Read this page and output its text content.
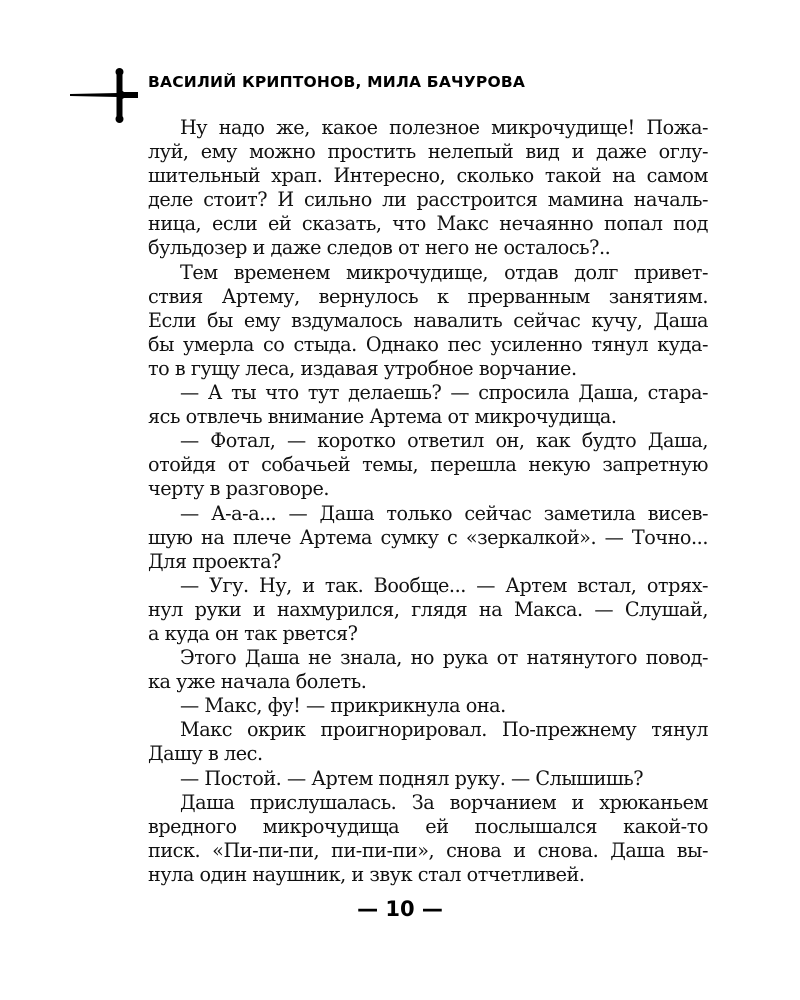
ВАСИЛИЙ КРИПТОНОВ, МИЛА БАЧУРОВА
Ну надо же, какое полезное микрочудище! Пожа-
луй, ему можно простить нелепый вид и даже оглу-
шительный храп. Интересно, сколько такой на самом
деле стоит? И сильно ли расстроится мамина началь-
ница, если ей сказать, что Макс нечаянно попал под
бульдозер и даже следов от него не осталось?..
Тем временем микрочудище, отдав долг привет-
ствия Артему, вернулось к прерванным занятиям.
Если бы ему вздумалось навалить сейчас кучу, Даша
бы умерла со стыда. Однако пес усиленно тянул куда-
то в гущу леса, издавая утробное ворчание.
— А ты что тут делаешь? — спросила Даша, стара-
ясь отвлечь внимание Артема от микрочудища.
— Фотал, — коротко ответил он, как будто Даша,
отойдя от собачьей темы, перешла некую запретную
черту в разговоре.
— А-а-а... — Даша только сейчас заметила висев-
шую на плече Артема сумку с «зеркалкой». — Точно...
Для проекта?
— Угу. Ну, и так. Вообще... — Артем встал, отрях-
нул руки и нахмурился, глядя на Макса. — Слушай,
а куда он так рвется?
Этого Даша не знала, но рука от натянутого повод-
ка уже начала болеть.
— Макс, фу! — прикрикнула она.
Макс окрик проигнорировал. По-прежнему тянул
Дашу в лес.
— Постой. — Артем поднял руку. — Слышишь?
Даша прислушалась. За ворчанием и хрюканьем
вредного микрочудища ей послышался какой-то
писк. «Пи-пи-пи, пи-пи-пи», снова и снова. Даша вы-
нула один наушник, и звук стал отчетливей.
— 10 —
